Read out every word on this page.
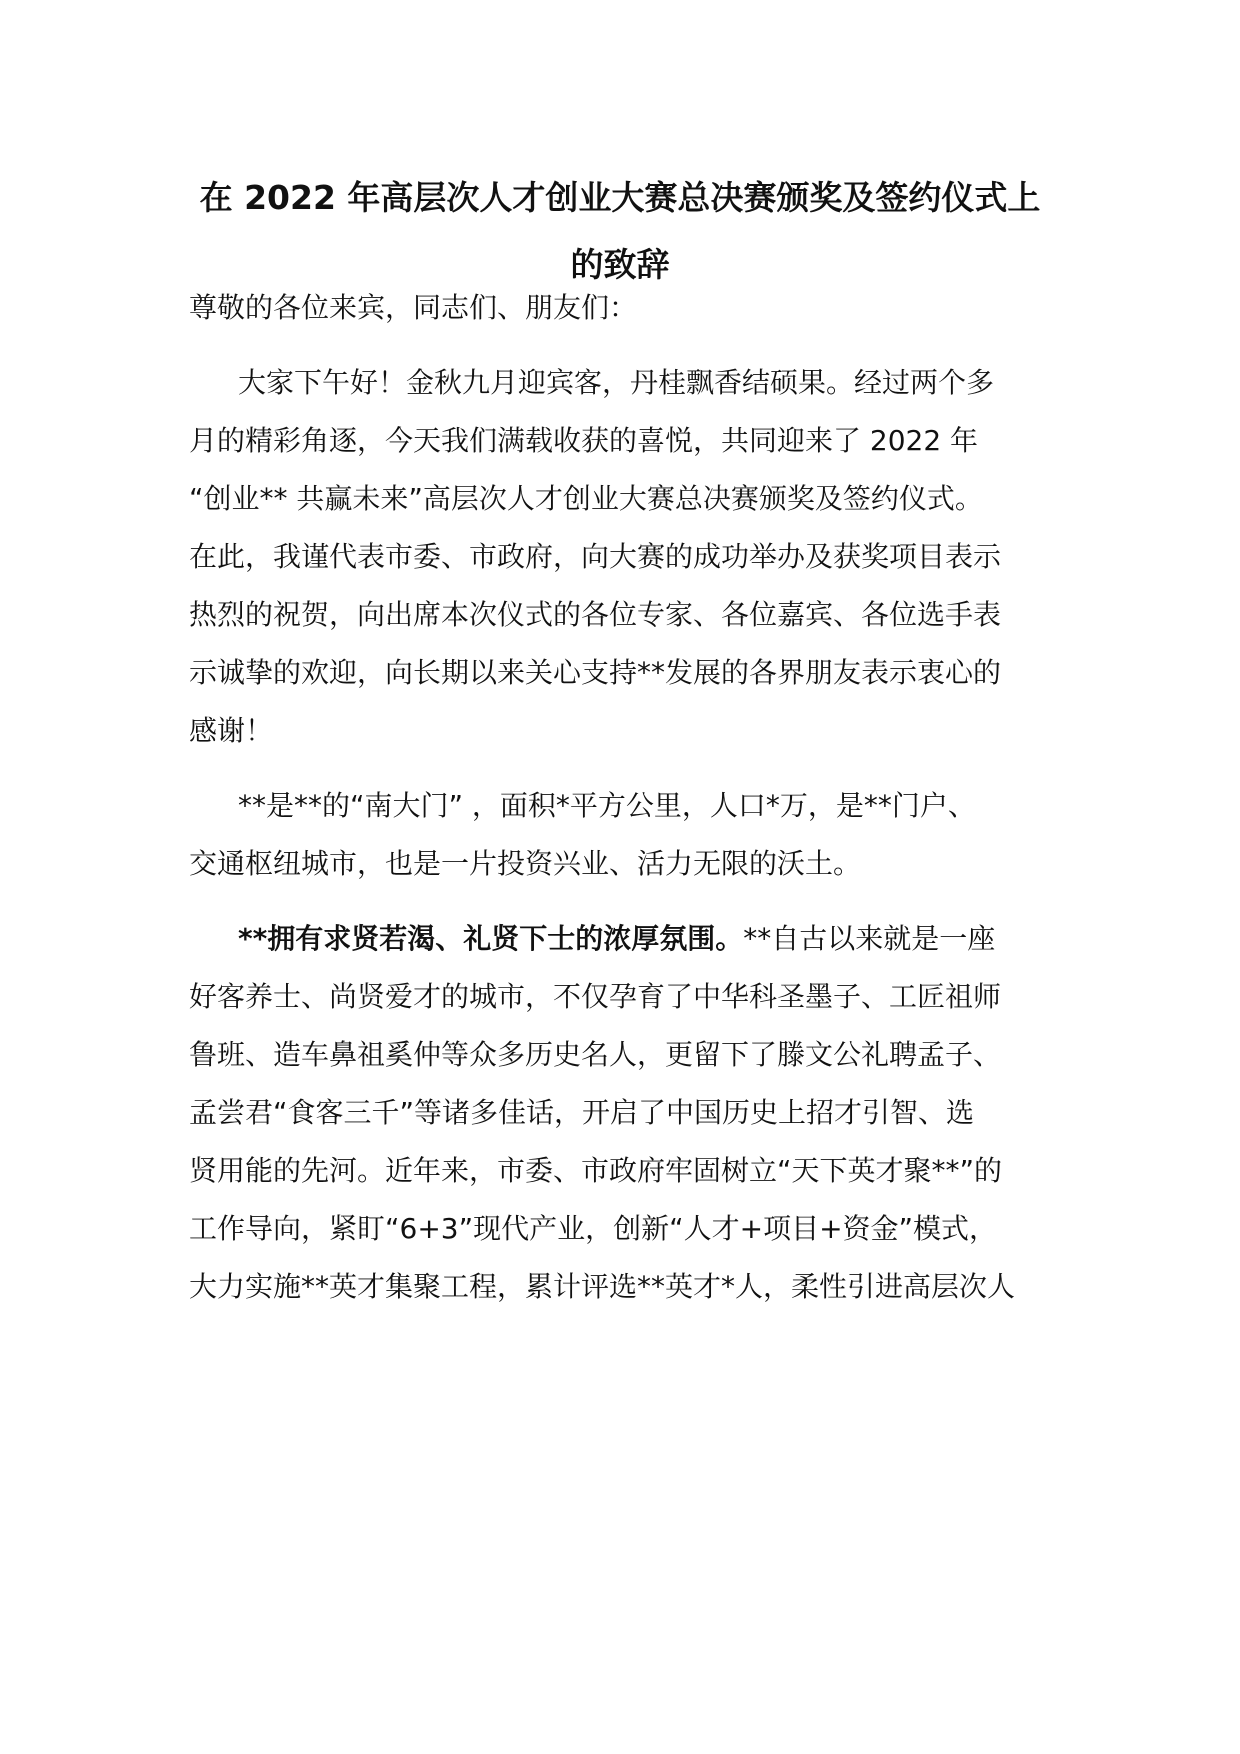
在 2022 年高层次人才创业大赛总决赛颁奖及签约仪式上
的致辞

尊敬的各位来宾，同志们、朋友们：

大家下午好！金秋九月迎宾客，丹桂飘香结硕果。经过两个多

月的精彩角逐，今天我们满载收获的喜悦，共同迎来了 2022 年

“创业** 共赢未来”高层次人才创业大赛总决赛颁奖及签约仪式。

在此，我谨代表市委、市政府，向大赛的成功举办及获奖项目表示

热烈的祝贺，向出席本次仪式的各位专家、各位嘉宾、各位选手表

示诚挚的欢迎，向长期以来关心支持**发展的各界朋友表示衷心的

感谢！

**是**的“南大门” ，面积*平方公里，人口*万，是**门户、

交通枢纽城市，也是一片投资兴业、活力无限的沃土。

**拥有求贤若渴、礼贤下士的浓厚氛围。**自古以来就是一座

好客养士、尚贤爱才的城市，不仅孕育了中华科圣墨子、工匠祖师

鲁班、造车鼻祖奚仲等众多历史名人，更留下了滕文公礼聘孟子、

孟尝君“食客三千”等诸多佳话，开启了中国历史上招才引智、选

贤用能的先河。近年来，市委、市政府牢固树立“天下英才聚**”的

工作导向，紧盯“6+3”现代产业，创新“人才+项目+资金”模式，

大力实施**英才集聚工程，累计评选**英才*人，柔性引进高层次人
